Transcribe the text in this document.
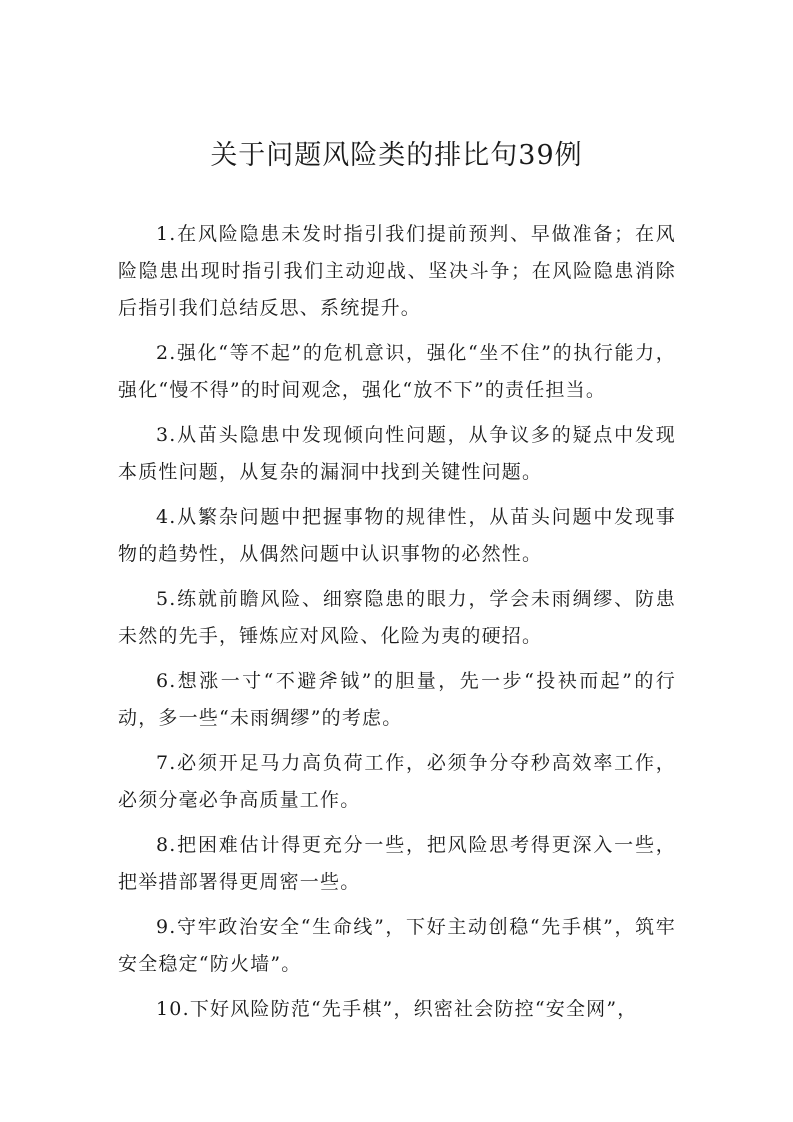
关于问题风险类的排比句39例

1.在风险隐患未发时指引我们提前预判、早做准备；在风险隐患出现时指引我们主动迎战、坚决斗争；在风险隐患消除后指引我们总结反思、系统提升。

2.强化“等不起”的危机意识，强化“坐不住”的执行能力，强化“慢不得”的时间观念，强化“放不下”的责任担当。

3.从苗头隐患中发现倾向性问题，从争议多的疑点中发现本质性问题，从复杂的漏洞中找到关键性问题。

4.从繁杂问题中把握事物的规律性，从苗头问题中发现事物的趋势性，从偶然问题中认识事物的必然性。

5.练就前瞻风险、细察隐患的眼力，学会未雨绸缪、防患未然的先手，锤炼应对风险、化险为夷的硬招。

6.想涨一寸“不避斧钺”的胆量，先一步“投袂而起”的行动，多一些“未雨绸缪”的考虑。

7.必须开足马力高负荷工作，必须争分夺秒高效率工作，必须分毫必争高质量工作。

8.把困难估计得更充分一些，把风险思考得更深入一些，把举措部署得更周密一些。

9.守牢政治安全“生命线”，下好主动创稳“先手棋”，筑牢安全稳定“防火墙”。

10.下好风险防范“先手棋”，织密社会防控“安全网”，
